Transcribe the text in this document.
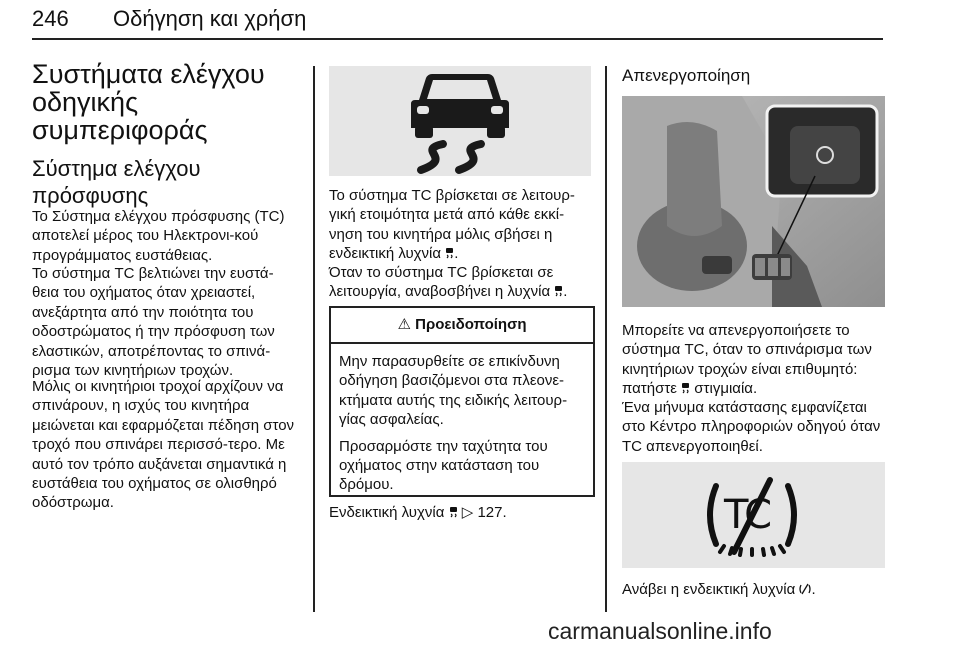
246 Οδήγηση και χρήση
Συστήματα ελέγχου οδηγικής συμπεριφοράς
Σύστημα ελέγχου πρόσφυσης
Το Σύστημα ελέγχου πρόσφυσης (TC) αποτελεί μέρος του Ηλεκτρονι-κού προγράμματος ευστάθειας.
Το σύστημα TC βελτιώνει την ευστά-θεια του οχήματος όταν χρειαστεί, ανεξάρτητα από την ποιότητα του οδοστρώματος ή την πρόσφυση των ελαστικών, αποτρέποντας το σπινά-ρισμα των κινητήριων τροχών.
Μόλις οι κινητήριοι τροχοί αρχίζουν να σπινάρουν, η ισχύς του κινητήρα μειώνεται και εφαρμόζεται πέδηση στον τροχό που σπινάρει περισσό-τερο. Με αυτό τον τρόπο αυξάνεται σημαντικά η ευστάθεια του οχήματος σε ολισθηρό οδόστρωμα.
Το σύστημα TC βρίσκεται σε λειτουρ-γική ετοιμότητα μετά από κάθε εκκί-νηση του κινητήρα μόλις σβήσει η ενδεικτική λυχνία .
Όταν το σύστημα TC βρίσκεται σε λειτουργία, αναβοσβήνει η λυχνία .
⚠ Προειδοποίηση
Μην παρασυρθείτε σε επικίνδυνη οδήγηση βασιζόμενοι στα πλεονε-κτήματα αυτής της ειδικής λειτουρ-γίας ασφαλείας.
Προσαρμόστε την ταχύτητα του οχήματος στην κατάσταση του δρόμου.
Ενδεικτική λυχνία ▷ 127.
Απενεργοποίηση
Μπορείτε να απενεργοποιήσετε το σύστημα TC, όταν το σπινάρισμα των κινητήριων τροχών είναι επιθυμητό: πατήστε στιγμιαία.
Ένα μήνυμα κατάστασης εμφανίζεται στο Κέντρο πληροφοριών οδηγού όταν TC απενεργοποιηθεί.
TC
Ανάβει η ενδεικτική λυχνία .
carmanualsonline.info
